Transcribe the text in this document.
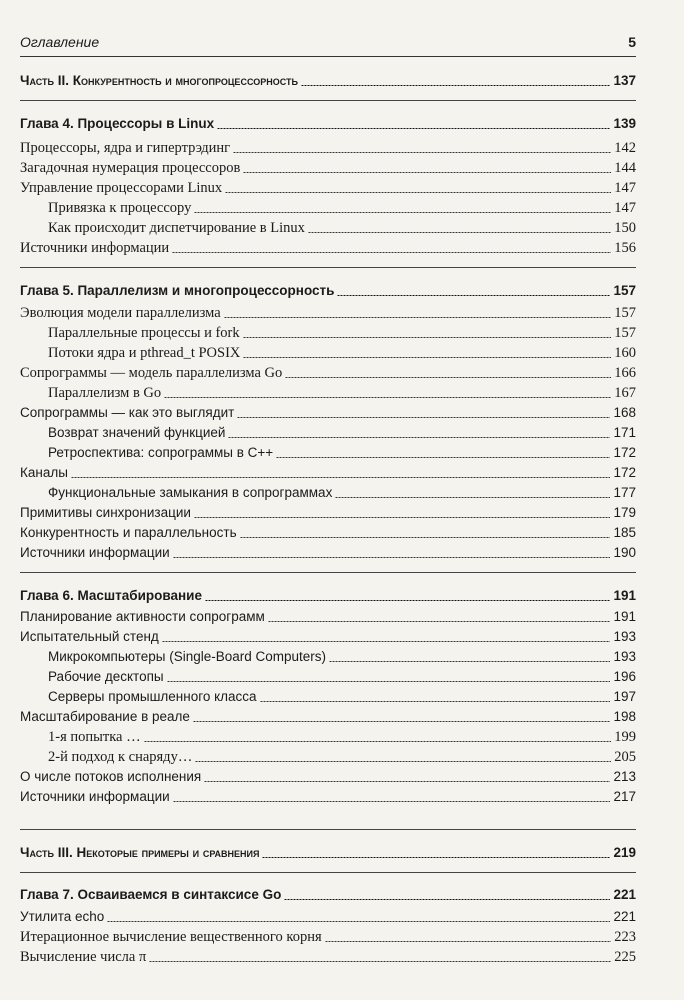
Оглавление	5
Часть II. Конкурентность и многопроцессорность	137
Глава 4. Процессоры в Linux	139
Процессоры, ядра и гипертрэдинг	142
Загадочная нумерация процессоров	144
Управление процессорами Linux	147
Привязка к процессору	147
Как происходит диспетчирование в Linux	150
Источники информации	156
Глава 5. Параллелизм и многопроцессорность	157
Эволюция модели параллелизма	157
Параллельные процессы и fork	157
Потоки ядра и pthread_t POSIX	160
Сопрограммы — модель параллелизма Go	166
Параллелизм в Go	167
Сопрограммы — как это выглядит	168
Возврат значений функцией	171
Ретроспектива: сопрограммы в C++	172
Каналы	172
Функциональные замыкания в сопрограммах	177
Примитивы синхронизации	179
Конкурентность и параллельность	185
Источники информации	190
Глава 6. Масштабирование	191
Планирование активности сопрограмм	191
Испытательный стенд	193
Микрокомпьютеры (Single-Board Computers)	193
Рабочие десктопы	196
Серверы промышленного класса	197
Масштабирование в реале	198
1-я попытка …	199
2-й подход к снаряду…	205
О числе потоков исполнения	213
Источники информации	217
Часть III. Некоторые примеры и сравнения	219
Глава 7. Осваиваемся в синтаксисе Go	221
Утилита echo	221
Итерационное вычисление вещественного корня	223
Вычисление числа π	225
